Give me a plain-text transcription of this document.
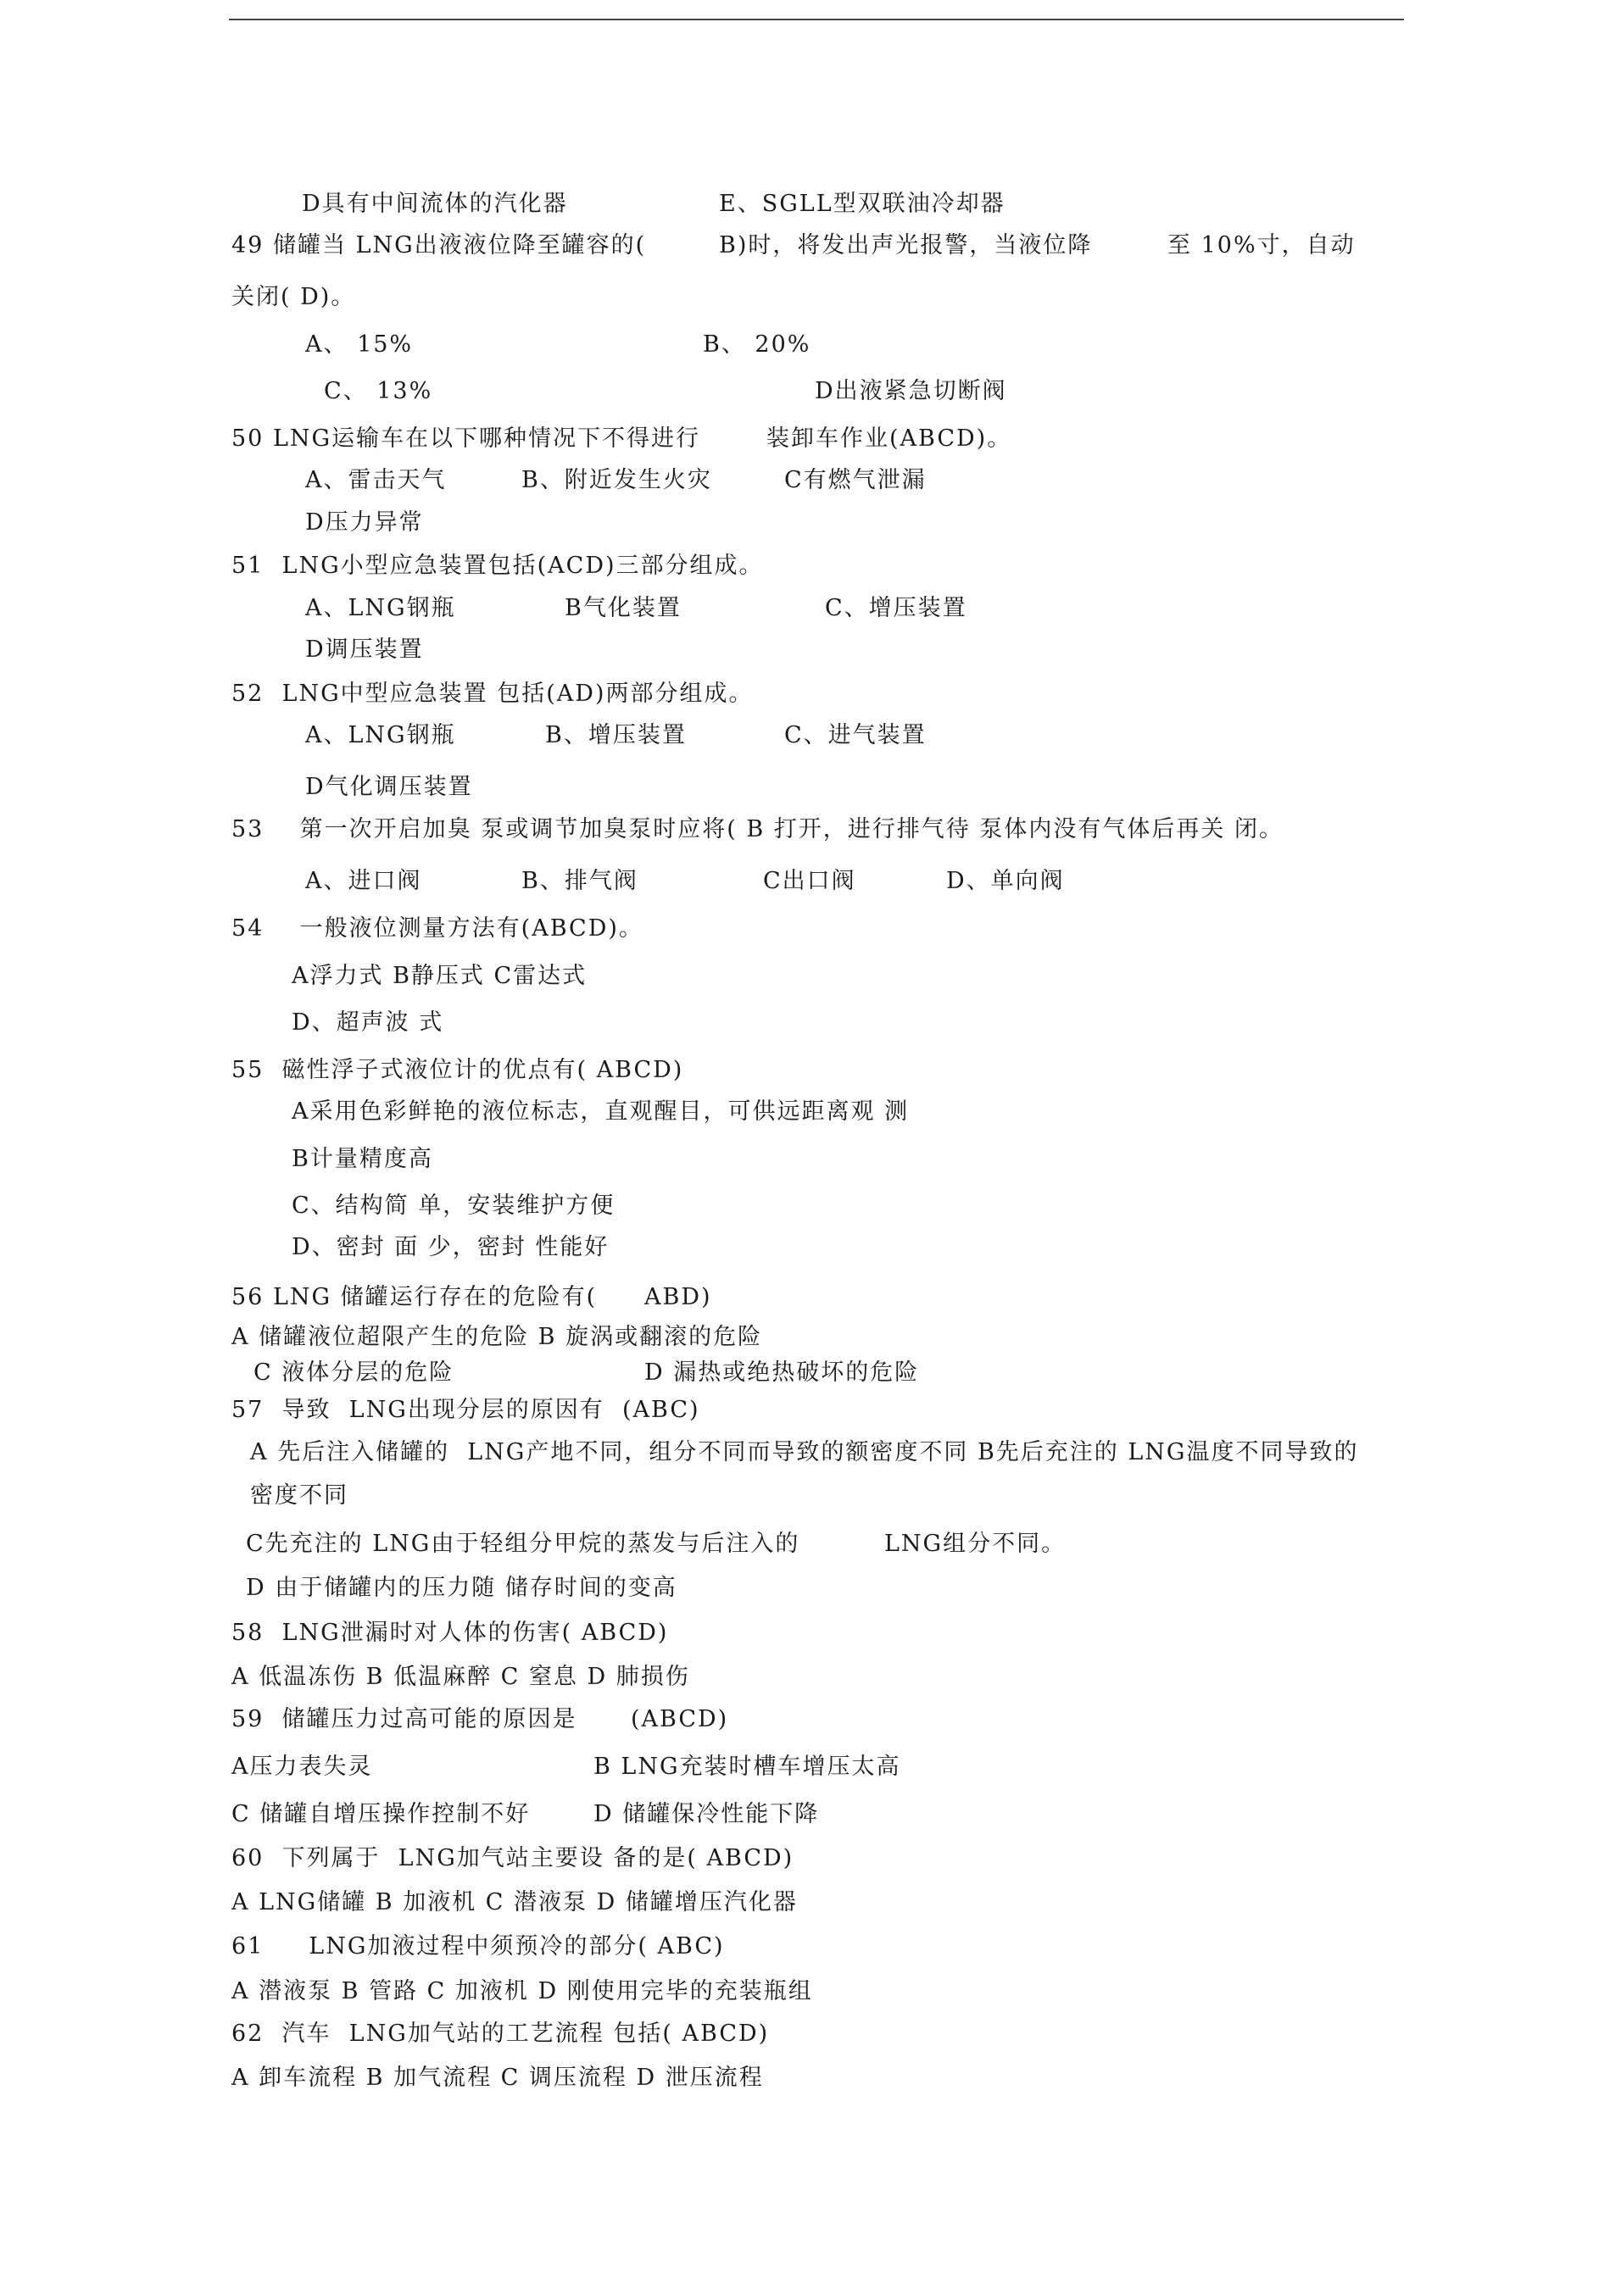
D具有中间流体的汽化器	E、SGLL型双联油冷却器
49 储罐当 LNG出液液位降至罐容的(	B)时，将发出声光报警，当液位降	至 10%寸，自动
关闭( D)。
A、 15%	B、 20%
C、 13%	D出液紧急切断阀
50 LNG运输车在以下哪种情况下不得进行	装卸车作业(ABCD)。
A、雷击天气	B、附近发生火灾	C有燃气泄漏
D压力异常
51  LNG小型应急装置包括(ACD)三部分组成。
A、LNG钢瓶	B气化装置	C、增压装置
D调压装置
52  LNG中型应急装置 包括(AD)两部分组成。
A、LNG钢瓶	B、增压装置	C、进气装置
D气化调压装置
53    第一次开启加臭 泵或调节加臭泵时应将( B 打开，进行排气待 泵体内没有气体后再关 闭。
A、进口阀	B、排气阀	C出口阀	D、单向阀
54    一般液位测量方法有(ABCD)。
A浮力式 B静压式 C雷达式
D、超声波 式
55  磁性浮子式液位计的优点有( ABCD)
A采用色彩鲜艳的液位标志，直观醒目，可供远距离观 测
B计量精度高
C、结构简 单，安装维护方便
D、密封 面 少，密封 性能好
56 LNG 储罐运行存在的危险有( ABD)
A 储罐液位超限产生的危险 B 旋涡或翻滚的危险
C 液体分层的危险	D 漏热或绝热破坏的危险
57  导致  LNG出现分层的原因有  (ABC)
A 先后注入储罐的  LNG产地不同，组分不同而导致的额密度不同 B先后充注的 LNG温度不同导致的
密度不同
C先充注的 LNG由于轻组分甲烷的蒸发与后注入的	LNG组分不同。
D 由于储罐内的压力随 储存时间的变高
58  LNG泄漏时对人体的伤害( ABCD)
A 低温冻伤 B 低温麻醉 C 窒息 D 肺损伤
59  储罐压力过高可能的原因是 (ABCD)
A压力表失灵	B LNG充装时槽车增压太高
C 储罐自增压操作控制不好	D 储罐保冷性能下降
60  下列属于  LNG加气站主要设 备的是( ABCD)
A LNG储罐 B 加液机 C 潜液泵 D 储罐增压汽化器
61     LNG加液过程中须预冷的部分( ABC)
A 潜液泵 B 管路 C 加液机 D 刚使用完毕的充装瓶组
62  汽车  LNG加气站的工艺流程 包括( ABCD)
A 卸车流程 B 加气流程 C 调压流程 D 泄压流程
